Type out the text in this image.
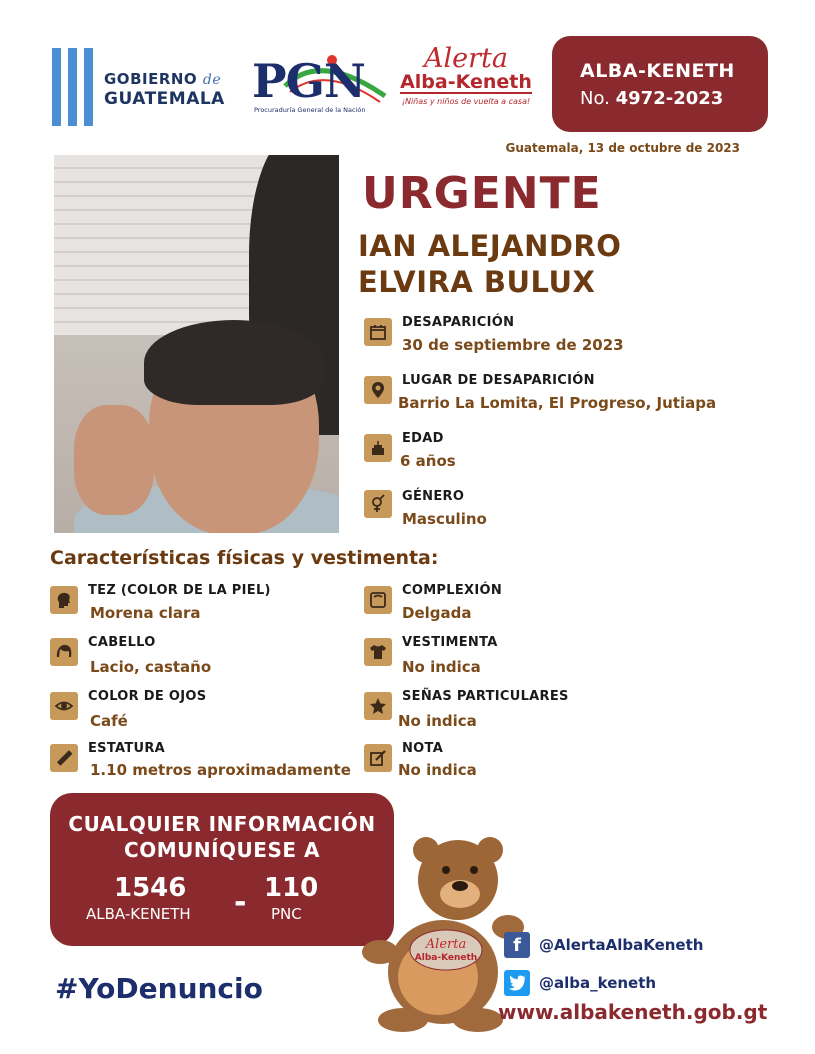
GOBIERNO de
GUATEMALA PGN
Procuraduría General de la Nación
Alerta
Alba-Keneth
¡Niñas y niños de vuelta a casa!
ALBA-KENETH
No. 4972-2023
Guatemala, 13 de octubre de 2023
URGENTE
IAN ALEJANDRO
ELVIRA BULUX
DESAPARICIÓN
30 de septiembre de 2023
LUGAR DE DESAPARICIÓN
Barrio La Lomita, El Progreso, Jutiapa
EDAD
6 años
GÉNERO
Masculino
Características físicas y vestimenta:
TEZ (COLOR DE LA PIEL)
Morena clara
CABELLO
Lacio, castaño
COLOR DE OJOS
Café
ESTATURA
1.10 metros aproximadamente
COMPLEXIÓN
Delgada
VESTIMENTA
No indica
SEÑAS PARTICULARES
No indica
NOTA
No indica
CUALQUIER INFORMACIÓN
COMUNÍQUESE A
1546
ALBA-KENETH - 110
PNC
#YoDenuncio
Alerta
Alba-Keneth
f	@AlertaAlbaKeneth
@alba_keneth
www.albakeneth.gob.gt
